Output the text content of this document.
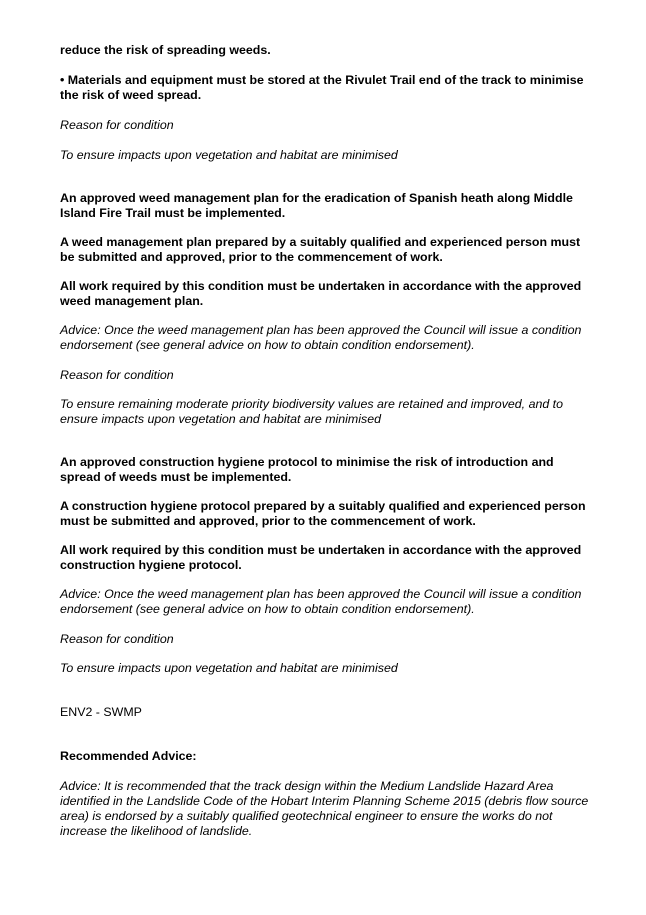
reduce the risk of spreading weeds.

• Materials and equipment must be stored at the Rivulet Trail end of the track to minimise the risk of weed spread.

Reason for condition

To ensure impacts upon vegetation and habitat are minimised

An approved weed management plan for the eradication of Spanish heath along Middle Island Fire Trail must be implemented.

A weed management plan prepared by a suitably qualified and experienced person must be submitted and approved, prior to the commencement of work.

All work required by this condition must be undertaken in accordance with the approved weed management plan.

Advice: Once the weed management plan has been approved the Council will issue a condition endorsement (see general advice on how to obtain condition endorsement).

Reason for condition

To ensure remaining moderate priority biodiversity values are retained and improved, and to ensure impacts upon vegetation and habitat are minimised

An approved construction hygiene protocol to minimise the risk of introduction and spread of weeds must be implemented.

A construction hygiene protocol prepared by a suitably qualified and experienced person must be submitted and approved, prior to the commencement of work.

All work required by this condition must be undertaken in accordance with the approved construction hygiene protocol.

Advice: Once the weed management plan has been approved the Council will issue a condition endorsement (see general advice on how to obtain condition endorsement).

Reason for condition

To ensure impacts upon vegetation and habitat are minimised

ENV2 - SWMP

Recommended Advice:

Advice: It is recommended that the track design within the Medium Landslide Hazard Area identified in the Landslide Code of the Hobart Interim Planning Scheme 2015 (debris flow source area) is endorsed by a suitably qualified geotechnical engineer to ensure the works do not increase the likelihood of landslide.
